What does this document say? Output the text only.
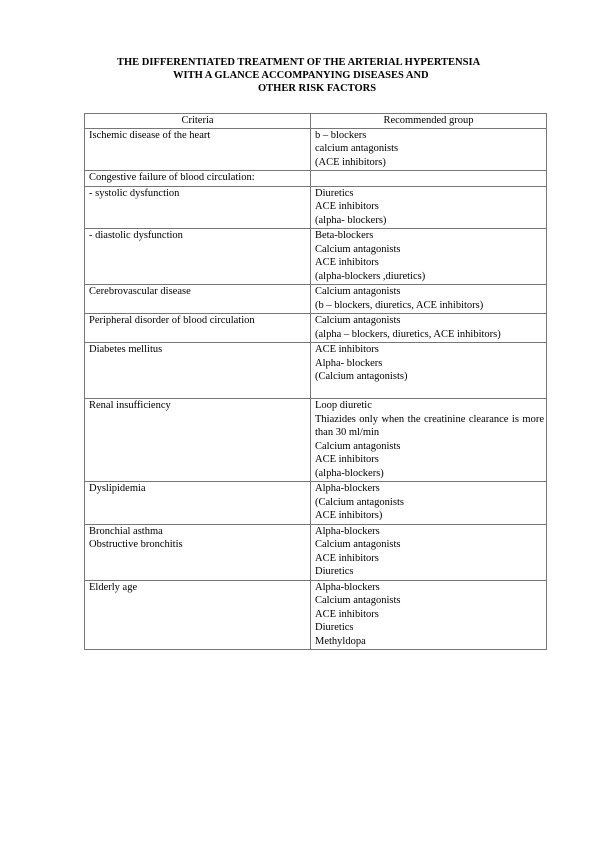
THE DIFFERENTIATED TREATMENT OF THE ARTERIAL HYPERTENSIA
WITH A GLANCE ACCOMPANYING DISEASES AND
OTHER RISK FACTORS
Criteria	Recommended group

Ischemic disease of the heart	b – blockers
calcium antagonists
(ACE inhibitors)

Congestive failure of blood circulation:	

- systolic dysfunction	Diuretics
ACE inhibitors
(alpha- blockers)

- diastolic dysfunction	Beta-blockers
Calcium antagonists
ACE inhibitors
(alpha-blockers ,diuretics)

Cerebrovascular disease	Calcium antagonists
(b – blockers, diuretics, ACE inhibitors)

Peripheral disorder of blood circulation	Calcium antagonists
(alpha – blockers, diuretics, ACE inhibitors)

Diabetes mellitus	ACE inhibitors
Alpha- blockers
(Calcium antagonists)

Renal insufficiency	Loop diuretic
Thiazides only when the creatinine clearance is more than 30 ml/min
Calcium antagonists
ACE inhibitors
(alpha-blockers)

Dyslipidemia	Alpha-blockers
(Calcium antagonists
ACE inhibitors)

Bronchial asthma
Obstructive bronchitis	Alpha-blockers
Calcium antagonists
ACE inhibitors
Diuretics

Elderly age	Alpha-blockers
Calcium antagonists
ACE inhibitors
Diuretics
Methyldopa
